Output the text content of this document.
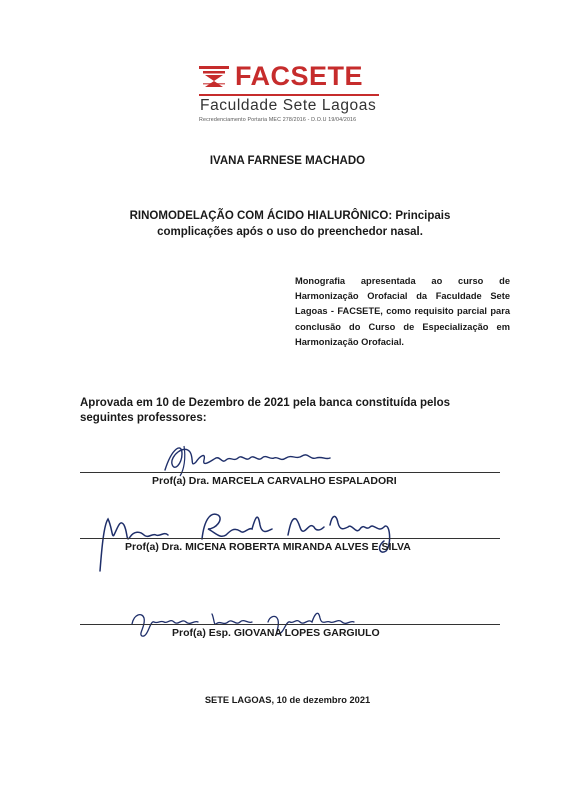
FACSETE
Faculdade Sete Lagoas
Recredenciamento Portaria MEC 278/2016 - D.O.U 19/04/2016
IVANA FARNESE MACHADO
RINOMODELAÇÃO COM ÁCIDO HIALURÔNICO: Principais
complicações após o uso do preenchedor nasal.
Monografia apresentada ao curso de Harmonização Orofacial da Faculdade Sete Lagoas - FACSETE, como requisito parcial para conclusão do Curso de Especialização em Harmonização Orofacial.
Aprovada em 10 de Dezembro de 2021 pela banca constituída pelos seguintes professores:
Prof(a) Dra. MARCELA CARVALHO ESPALADORI
Prof(a) Dra. MICENA ROBERTA MIRANDA ALVES E SILVA
Prof(a) Esp. GIOVANA LOPES GARGIULO
SETE LAGOAS, 10 de dezembro 2021
